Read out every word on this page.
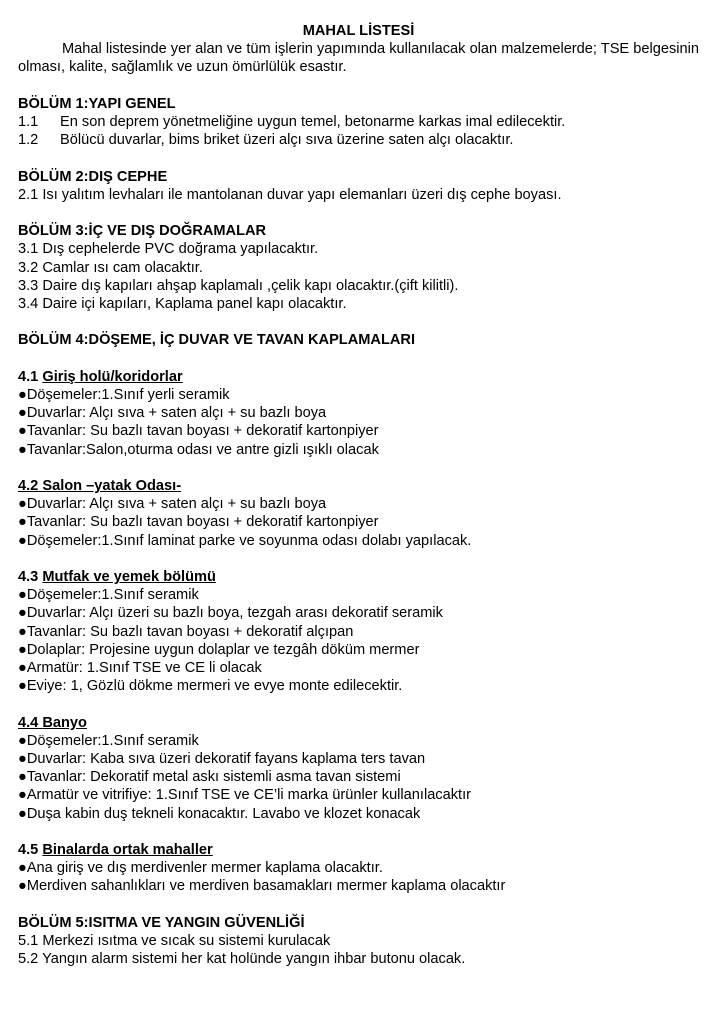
MAHAL LİSTESİ

Mahal listesinde yer alan ve tüm işlerin yapımında kullanılacak olan malzemelerde; TSE belgesinin olması, kalite, sağlamlık ve uzun ömürlülük esastır.

BÖLÜM 1:YAPI GENEL

1.1 En son deprem yönetmeliğine uygun temel, betonarme karkas imal edilecektir.

1.2 Bölücü duvarlar, bims briket üzeri alçı sıva üzerine saten alçı olacaktır.

BÖLÜM 2:DIŞ CEPHE

2.1 Isı yalıtım levhaları ile mantolanan duvar yapı elemanları üzeri dış cephe boyası.

BÖLÜM 3:İÇ VE DIŞ DOĞRAMALAR

3.1 Dış cephelerde PVC doğrama yapılacaktır.

3.2 Camlar ısı cam olacaktır.

3.3 Daire dış kapıları ahşap kaplamalı ,çelik kapı olacaktır.(çift kilitli).

3.4 Daire içi kapıları, Kaplama panel kapı olacaktır.

BÖLÜM 4:DÖŞEME, İÇ DUVAR VE TAVAN KAPLAMALARI

4.1 Giriş holü/koridorlar

●Döşemeler:1.Sınıf yerli seramik

●Duvarlar: Alçı sıva + saten alçı + su bazlı boya

●Tavanlar: Su bazlı tavan boyası + dekoratif kartonpiyer

●Tavanlar:Salon,oturma odası ve antre gizli ışıklı olacak

4.2 Salon –yatak Odası-

●Duvarlar: Alçı sıva + saten alçı + su bazlı boya

●Tavanlar: Su bazlı tavan boyası + dekoratif kartonpiyer

●Döşemeler:1.Sınıf laminat parke ve soyunma odası dolabı yapılacak.

4.3 Mutfak ve yemek bölümü

●Döşemeler:1.Sınıf seramik

●Duvarlar: Alçı üzeri su bazlı boya, tezgah arası dekoratif seramik

●Tavanlar: Su bazlı tavan boyası + dekoratif alçıpan

●Dolaplar: Projesine uygun dolaplar ve tezgâh döküm mermer

●Armatür: 1.Sınıf TSE ve CE li olacak

●Eviye: 1, Gözlü dökme mermeri ve evye monte edilecektir.

4.4 Banyo

●Döşemeler:1.Sınıf seramik

●Duvarlar: Kaba sıva üzeri dekoratif fayans kaplama ters tavan

●Tavanlar: Dekoratif metal askı sistemli asma tavan sistemi

●Armatür ve vitrifiye: 1.Sınıf TSE ve CE’li marka ürünler kullanılacaktır

●Duşa kabin duş tekneli konacaktır. Lavabo ve klozet konacak

4.5 Binalarda ortak mahaller

●Ana giriş ve dış merdivenler mermer kaplama olacaktır.

●Merdiven sahanlıkları ve merdiven basamakları mermer kaplama olacaktır

BÖLÜM 5:ISITMA VE YANGIN GÜVENLİĞİ

5.1 Merkezi ısıtma ve sıcak su sistemi kurulacak

5.2 Yangın alarm sistemi her kat holünde yangın ihbar butonu olacak.
